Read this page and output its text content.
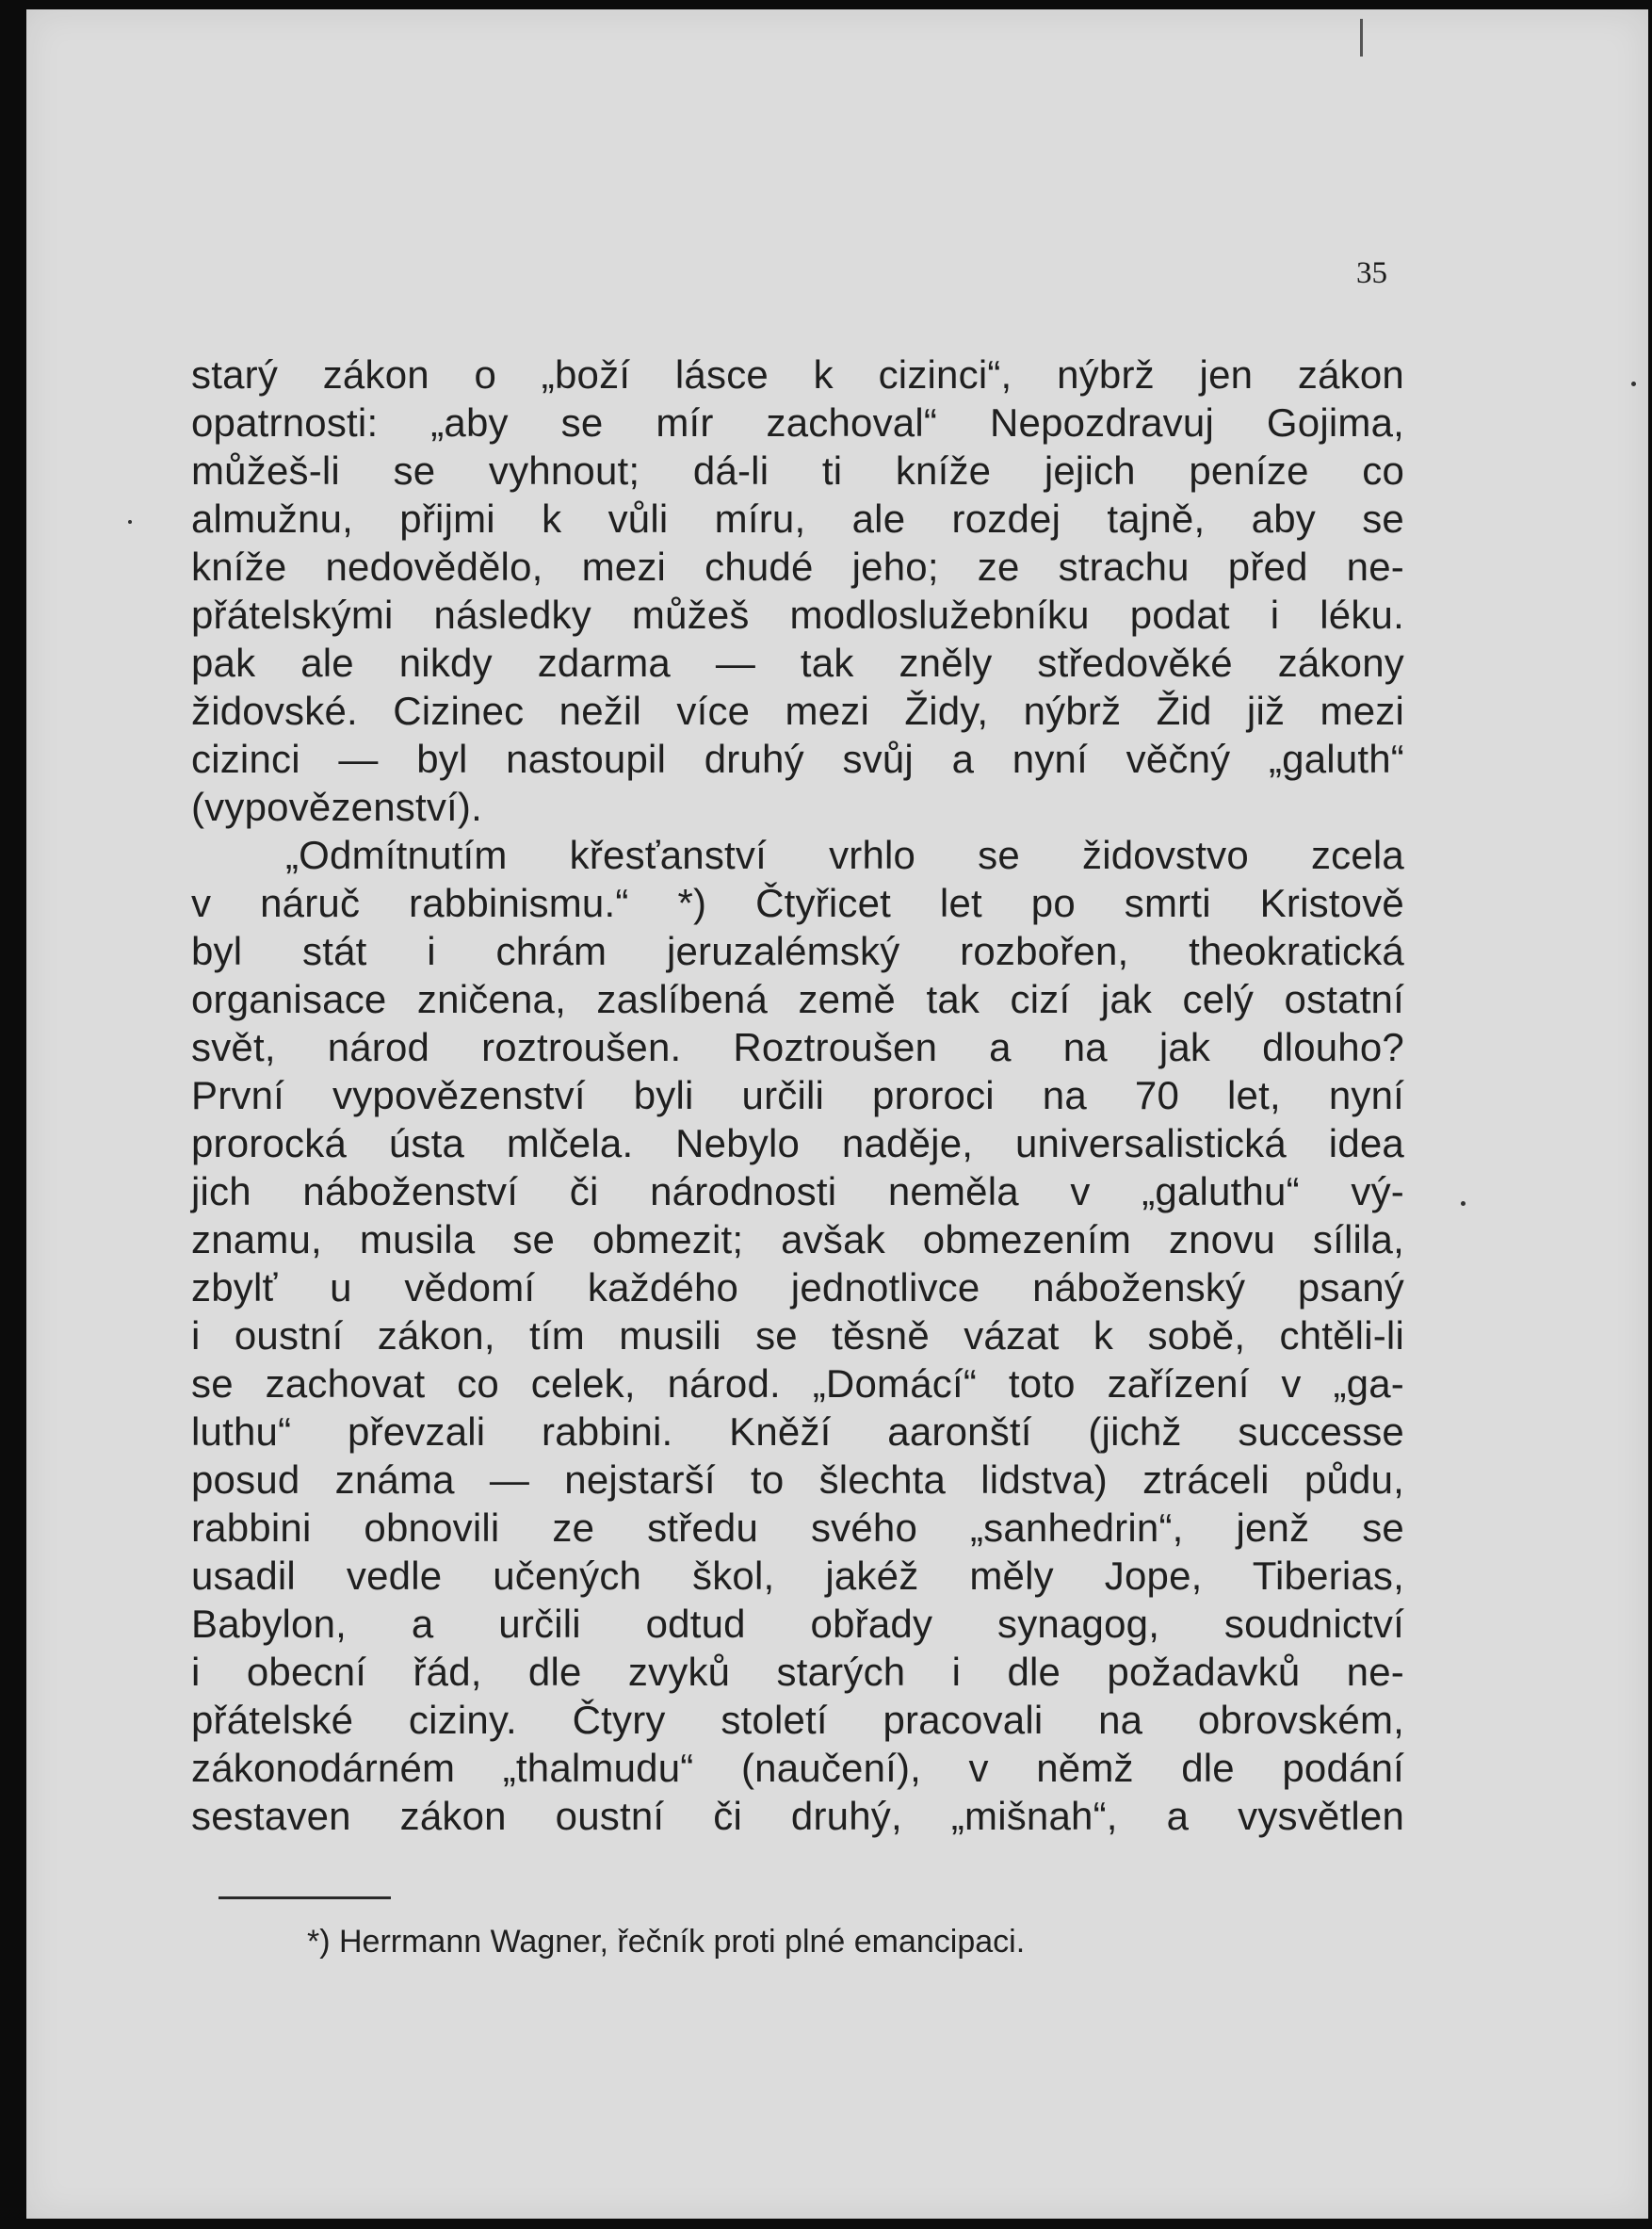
35
starý zákon o „boží lásce k cizinci“, nýbrž jen zákon
opatrnosti: „aby se mír zachoval“ Nepozdravuj Gojima,
můžeš-li se vyhnout; dá-li ti kníže jejich peníze co
almužnu, přijmi k vůli míru, ale rozdej tajně, aby se
kníže nedovědělo, mezi chudé jeho; ze strachu před ne-
přátelskými následky můžeš modloslužebníku podat i léku.
pak ale nikdy zdarma — tak zněly středověké zákony
židovské. Cizinec nežil více mezi Židy, nýbrž Žid již mezi
cizinci — byl nastoupil druhý svůj a nyní věčný „galuth“
(vypovězenství).
„Odmítnutím křesťanství vrhlo se židovstvo zcela
v náruč rabbinismu.“ *) Čtyřicet let po smrti Kristově
byl stát i chrám jeruzalémský rozbořen, theokratická
organisace zničena, zaslíbená země tak cizí jak celý ostatní
svět, národ roztroušen. Roztroušen a na jak dlouho?
První vypovězenství byli určili proroci na 70 let, nyní
prorocká ústa mlčela. Nebylo naděje, universalistická idea
jich náboženství či národnosti neměla v „galuthu“ vý-
znamu, musila se obmezit; avšak obmezením znovu sílila,
zbylť u vědomí každého jednotlivce náboženský psaný
i oustní zákon, tím musili se těsně vázat k sobě, chtěli-li
se zachovat co celek, národ. „Domácí“ toto zařízení v „ga-
luthu“ převzali rabbini. Kněží aaronští (jichž successe
posud známa — nejstarší to šlechta lidstva) ztráceli půdu,
rabbini obnovili ze středu svého „sanhedrin“, jenž se
usadil vedle učených škol, jakéž měly Jope, Tiberias,
Babylon, a určili odtud obřady synagog, soudnictví
i obecní řád, dle zvyků starých i dle požadavků ne-
přátelské ciziny. Čtyry století pracovali na obrovském,
zákonodárném „thalmudu“ (naučení), v němž dle podání
sestaven zákon oustní či druhý, „mišnah“, a vysvětlen
*) Herrmann Wagner, řečník proti plné emancipaci.
